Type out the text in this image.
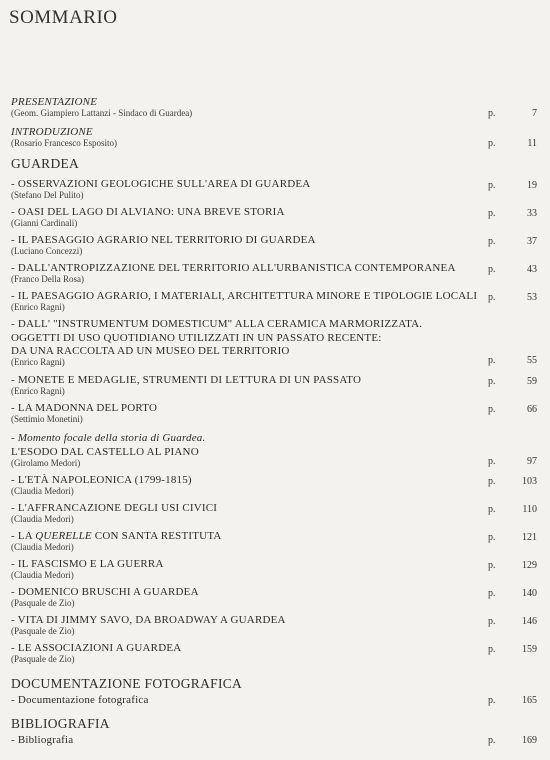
SOMMARIO
PRESENTAZIONE
(Geom. Giampiero Lattanzi - Sindaco di Guardea)	p.	7
INTRODUZIONE
(Rosario Francesco Esposito)	p.	11
GUARDEA
- OSSERVAZIONI GEOLOGICHE SULL'AREA DI GUARDEA
(Stefano Del Pulito)
p.	19
- OASI DEL LAGO DI ALVIANO: UNA BREVE STORIA
(Gianni Cardinali)
p.	33
- IL PAESAGGIO AGRARIO NEL TERRITORIO DI GUARDEA
(Luciano Concezzi)
p.	37
- DALL'ANTROPIZZAZIONE DEL TERRITORIO ALL'URBANISTICA CONTEMPORANEA
(Franco Della Rosa)
p.	43
- IL PAESAGGIO AGRARIO, I MATERIALI, ARCHITETTURA MINORE E TIPOLOGIE LOCALI
(Enrico Ragni)
p.	53
- DALL' "INSTRUMENTUM DOMESTICUM" ALLA CERAMICA MARMORIZZATA.
OGGETTI DI USO QUOTIDIANO UTILIZZATI IN UN PASSATO RECENTE:
DA UNA RACCOLTA AD UN MUSEO DEL TERRITORIO
(Enrico Ragni)	p.	55
- MONETE E MEDAGLIE, STRUMENTI DI LETTURA DI UN PASSATO
(Enrico Ragni)
p.	59
- LA MADONNA DEL PORTO
(Settimio Monetini)
p.	66
- Momento focale della storia di Guardea.
L'ESODO DAL CASTELLO AL PIANO
(Girolamo Medori)	p.	97
- L'ETÀ NAPOLEONICA (1799-1815)
(Claudia Medori)
p.	103
- L'AFFRANCAZIONE DEGLI USI CIVICI
(Claudia Medori)
p.	110
- LA QUERELLE CON SANTA RESTITUTA
(Claudia Medori)
p.	121
- IL FASCISMO E LA GUERRA
(Claudia Medori)
p.	129
- DOMENICO BRUSCHI A GUARDEA
(Pasquale de Zio)
p.	140
- VITA DI JIMMY SAVO, DA BROADWAY A GUARDEA
(Pasquale de Zio)
p.	146
- LE ASSOCIAZIONI A GUARDEA
(Pasquale de Zio)
p.	159
DOCUMENTAZIONE FOTOGRAFICA
- Documentazione fotografica	p.	165
BIBLIOGRAFIA
- Bibliografia	p.	169
